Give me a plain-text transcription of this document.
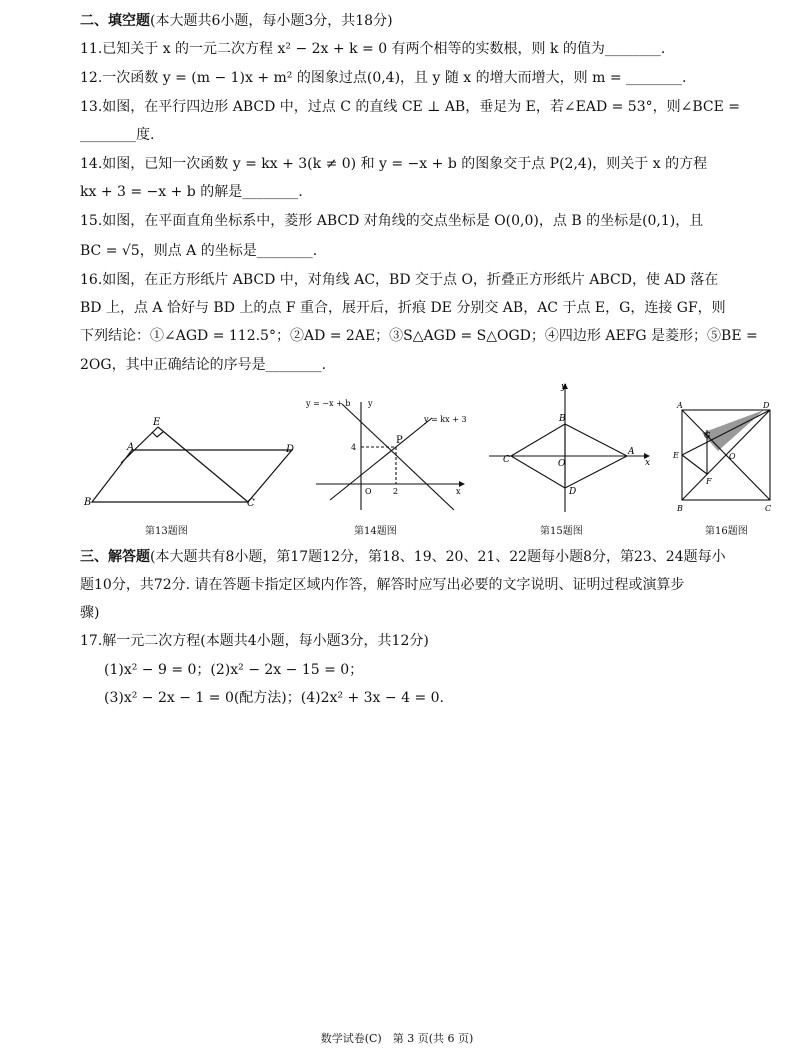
二、填空题(本大题共6小题，每小题3分，共18分)
11.已知关于 x 的一元二次方程 x² − 2x + k = 0 有两个相等的实数根，则 k 的值为________.
12.一次函数 y = (m − 1)x + m² 的图象过点(0,4)，且 y 随 x 的增大而增大，则 m = ________.
13.如图，在平行四边形 ABCD 中，过点 C 的直线 CE ⊥ AB，垂足为 E，若∠EAD = 53°，则∠BCE =
________度.
14.如图，已知一次函数 y = kx + 3(k ≠ 0) 和 y = −x + b 的图象交于点 P(2,4)，则关于 x 的方程
kx + 3 = −x + b 的解是________.
15.如图，在平面直角坐标系中，菱形 ABCD 对角线的交点坐标是 O(0,0)，点 B 的坐标是(0,1)，且
BC = √5，则点 A 的坐标是________.
16.如图，在正方形纸片 ABCD 中，对角线 AC，BD 交于点 O，折叠正方形纸片 ABCD，使 AD 落在
BD 上，点 A 恰好与 BD 上的点 F 重合，展开后，折痕 DE 分别交 AB，AC 于点 E，G，连接 GF，则
下列结论：①∠AGD = 112.5°；②AD = 2AE；③S△AGD = S△OGD；④四边形 AEFG 是菱形；⑤BE =
2OG，其中正确结论的序号是________.
E
A	D
B	C
第13题图
y = −x + b y
y = kx + 3
P
4
O	2	x
第14题图
y
B
C	O
A
x
D
第15题图
A	D
G
E	O
F
B	C
第16题图
三、解答题(本大题共有8小题，第17题12分，第18、19、20、21、22题每小题8分，第23、24题每小
题10分，共72分. 请在答题卡指定区域内作答，解答时应写出必要的文字说明、证明过程或演算步
骤)
17.解一元二次方程(本题共4小题，每小题3分，共12分)
(1)x² − 9 = 0；(2)x² − 2x − 15 = 0；
(3)x² − 2x − 1 = 0(配方法)；(4)2x² + 3x − 4 = 0.
数学试卷(C)　第 3 页(共 6 页)
